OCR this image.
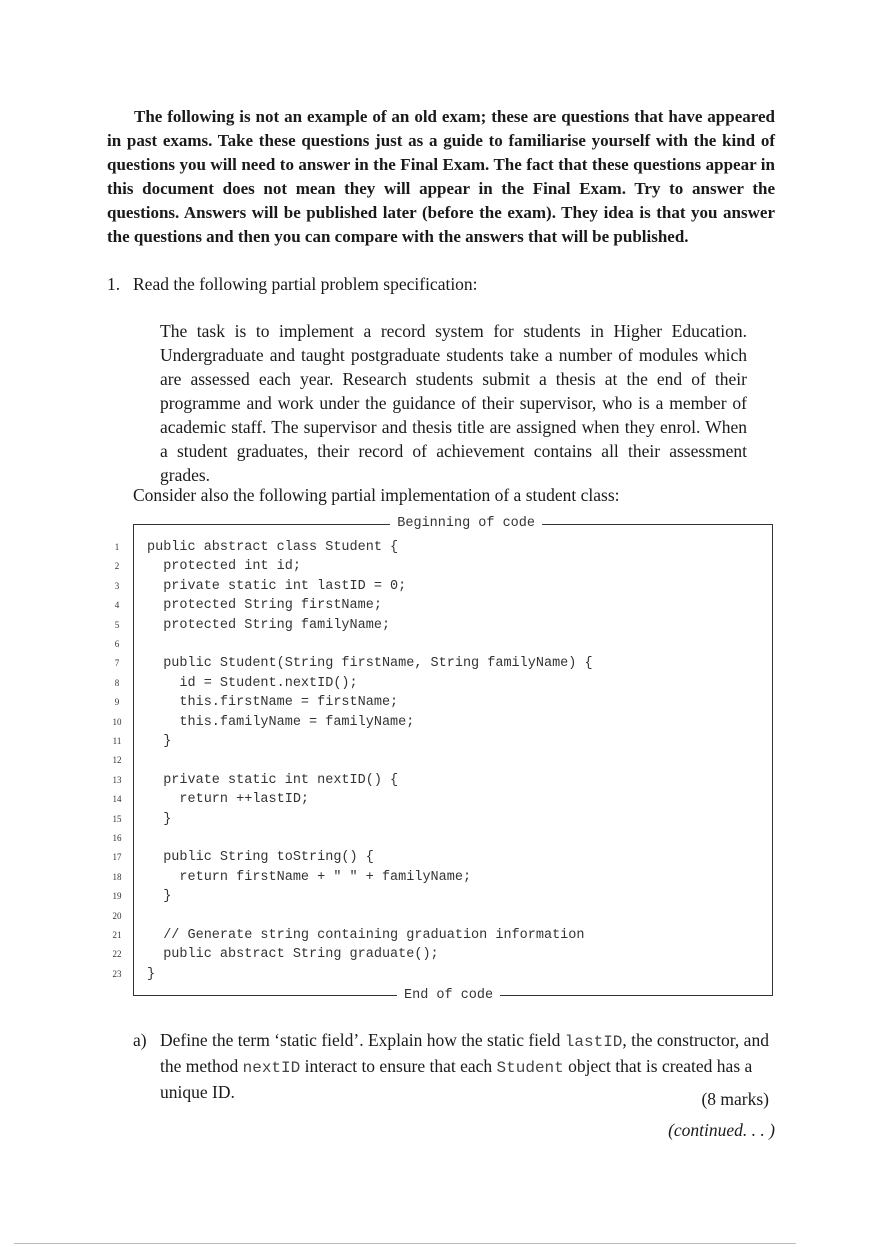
The following is not an example of an old exam; these are questions that have appeared in past exams. Take these questions just as a guide to familiarise yourself with the kind of questions you will need to answer in the Final Exam. The fact that these questions appear in this document does not mean they will appear in the Final Exam. Try to answer the questions. Answers will be published later (before the exam). They idea is that you answer the questions and then you can compare with the answers that will be published.

1. Read the following partial problem specification:

The task is to implement a record system for students in Higher Education. Undergraduate and taught postgraduate students take a number of modules which are assessed each year. Research students submit a thesis at the end of their programme and work under the guidance of their supervisor, who is a member of academic staff. The supervisor and thesis title are assigned when they enrol. When a student graduates, their record of achievement contains all their assessment grades.

Consider also the following partial implementation of a student class:
Beginning of code
1	public abstract class Student {
2	protected int id;
3	private static int lastID = 0;
4	protected String firstName;
5	protected String familyName;
6
7	public Student(String firstName, String familyName) {
8	id = Student.nextID();
9	this.firstName = firstName;
10 this.familyName = familyName;
11 }
12
13 private static int nextID() {
14 return ++lastID;
15 }
16
17 public String toString() {
18 return firstName + " " + familyName;
19 }
20
21 // Generate string containing graduation information
22 public abstract String graduate();
23 }
End of code
a) Define the term ‘static field’. Explain how the static field lastID, the constructor, and the method nextID interact to ensure that each Student object that is created has a unique ID.	(8 marks)
(continued. . . )
